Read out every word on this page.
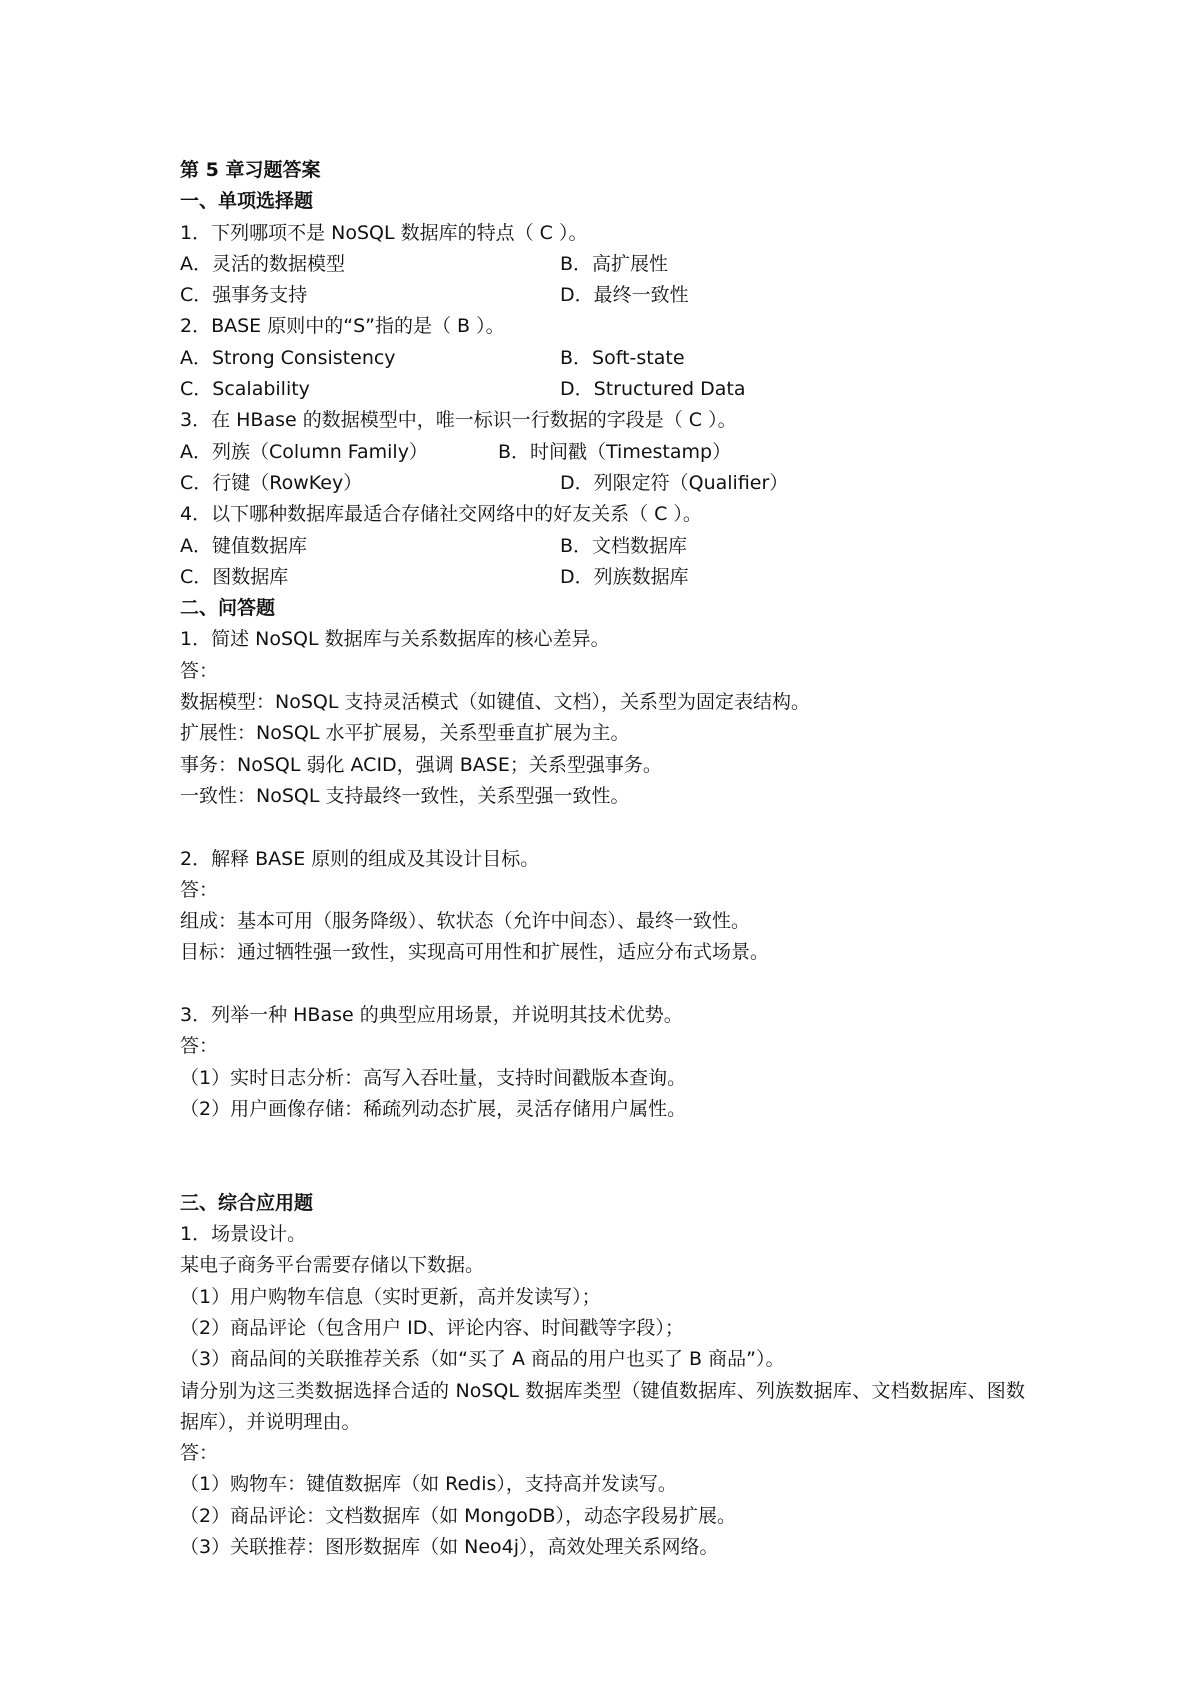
第 5 章习题答案
一、单项选择题
1．下列哪项不是 NoSQL 数据库的特点（ C ）。
A．灵活的数据模型	B．高扩展性
C．强事务支持	D．最终一致性
2．BASE 原则中的“S”指的是（ B ）。
A．Strong Consistency	B．Soft-state
C．Scalability	D．Structured Data
3．在 HBase 的数据模型中，唯一标识一行数据的字段是（ C ）。
A．列族（Column Family）	B．时间戳（Timestamp）
C．行键（RowKey）	D．列限定符（Qualifier）
4．以下哪种数据库最适合存储社交网络中的好友关系（ C ）。
A．键值数据库	B．文档数据库
C．图数据库	D．列族数据库
二、问答题
1．简述 NoSQL 数据库与关系数据库的核心差异。
答：
数据模型：NoSQL 支持灵活模式（如键值、文档），关系型为固定表结构。
扩展性：NoSQL 水平扩展易，关系型垂直扩展为主。
事务：NoSQL 弱化 ACID，强调 BASE；关系型强事务。
一致性：NoSQL 支持最终一致性，关系型强一致性。
2．解释 BASE 原则的组成及其设计目标。
答：
组成：基本可用（服务降级）、软状态（允许中间态）、最终一致性。
目标：通过牺牲强一致性，实现高可用性和扩展性，适应分布式场景。
3．列举一种 HBase 的典型应用场景，并说明其技术优势。
答：
（1）实时日志分析：高写入吞吐量，支持时间戳版本查询。
（2）用户画像存储：稀疏列动态扩展，灵活存储用户属性。
三、综合应用题
1．场景设计。
某电子商务平台需要存储以下数据。
（1）用户购物车信息（实时更新，高并发读写）；
（2）商品评论（包含用户 ID、评论内容、时间戳等字段）；
（3）商品间的关联推荐关系（如“买了 A 商品的用户也买了 B 商品”）。
请分别为这三类数据选择合适的 NoSQL 数据库类型（键值数据库、列族数据库、文档数据库、图数据库），并说明理由。
答：
（1）购物车：键值数据库（如 Redis），支持高并发读写。
（2）商品评论：文档数据库（如 MongoDB），动态字段易扩展。
（3）关联推荐：图形数据库（如 Neo4j），高效处理关系网络。
